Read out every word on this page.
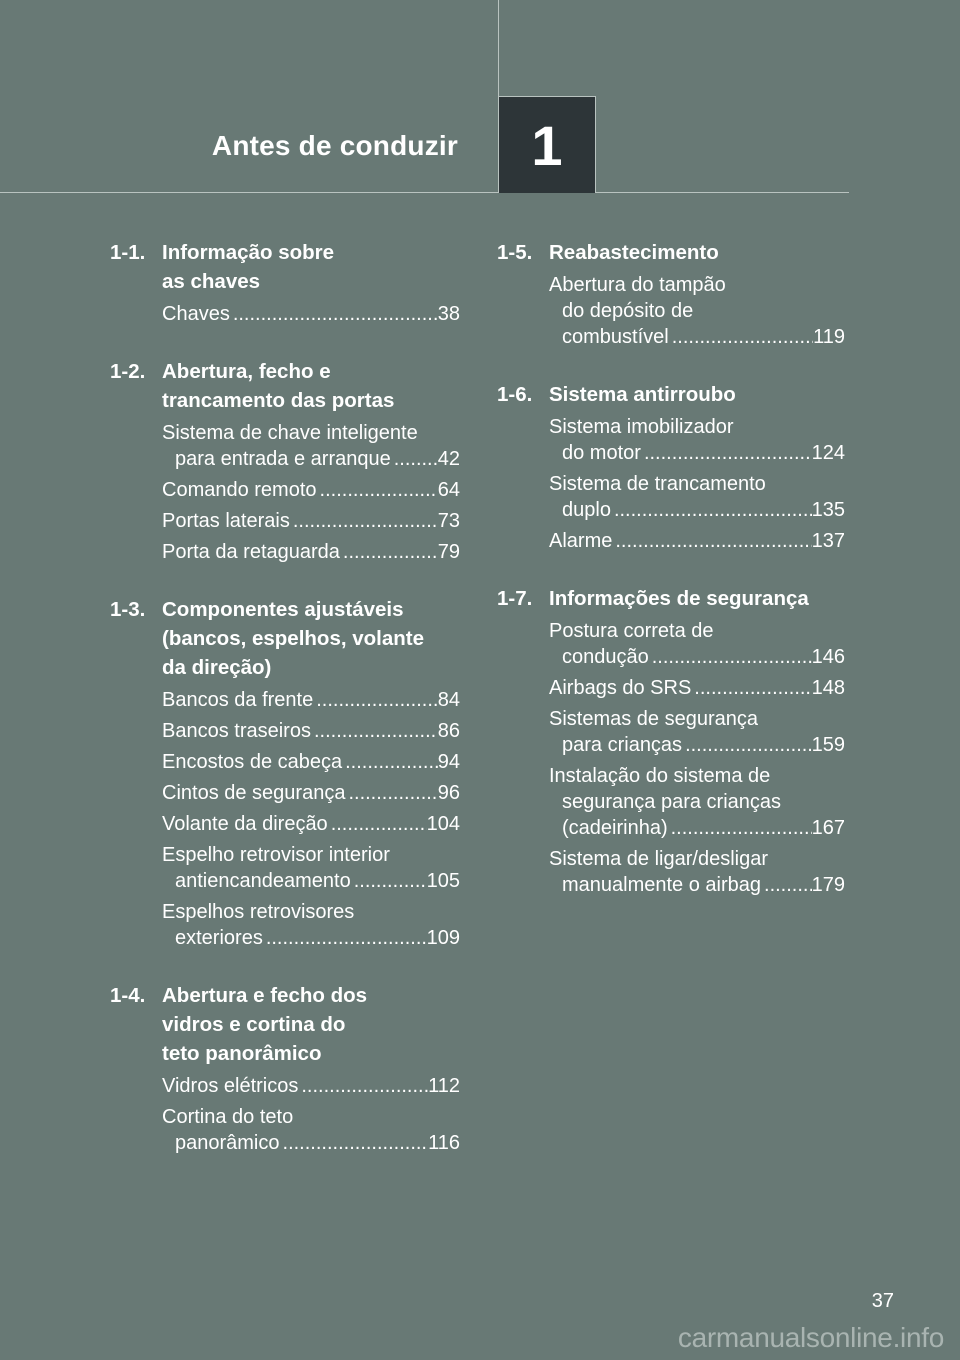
Antes de conduzir 1
1-1. Informação sobre
as chaves
Chaves .....	38
1-2. Abertura, fecho e
trancamento das portas
Sistema de chave inteligente
para entrada e arranque ..... 42
Comando remoto .....	64
Portas laterais .....	73
Porta da retaguarda .....	79
1-3. Componentes ajustáveis
(bancos, espelhos, volante
da direção)
Bancos da frente .....	84
Bancos traseiros .....	86
Encostos de cabeça .....	94
Cintos de segurança .....	96
Volante da direção .....	104
Espelho retrovisor interior
antiencandeamento .....	105
Espelhos retrovisores
exteriores .....	109
1-4. Abertura e fecho dos
vidros e cortina do
teto panorâmico
Vidros elétricos .....	112
Cortina do teto
panorâmico .....	116
1-5. Reabastecimento
Abertura do tampão
do depósito de
combustível .....	119
1-6. Sistema antirroubo
Sistema imobilizador
do motor .....	124
Sistema de trancamento
duplo .....	135
Alarme .....	137
1-7. Informações de segurança
Postura correta de
condução .....	146
Airbags do SRS .....	148
Sistemas de segurança
para crianças .....	159
Instalação do sistema de
segurança para crianças
(cadeirinha) .....	167
Sistema de ligar/desligar
manualmente o airbag .....	179
37
carmanualsonline.info
